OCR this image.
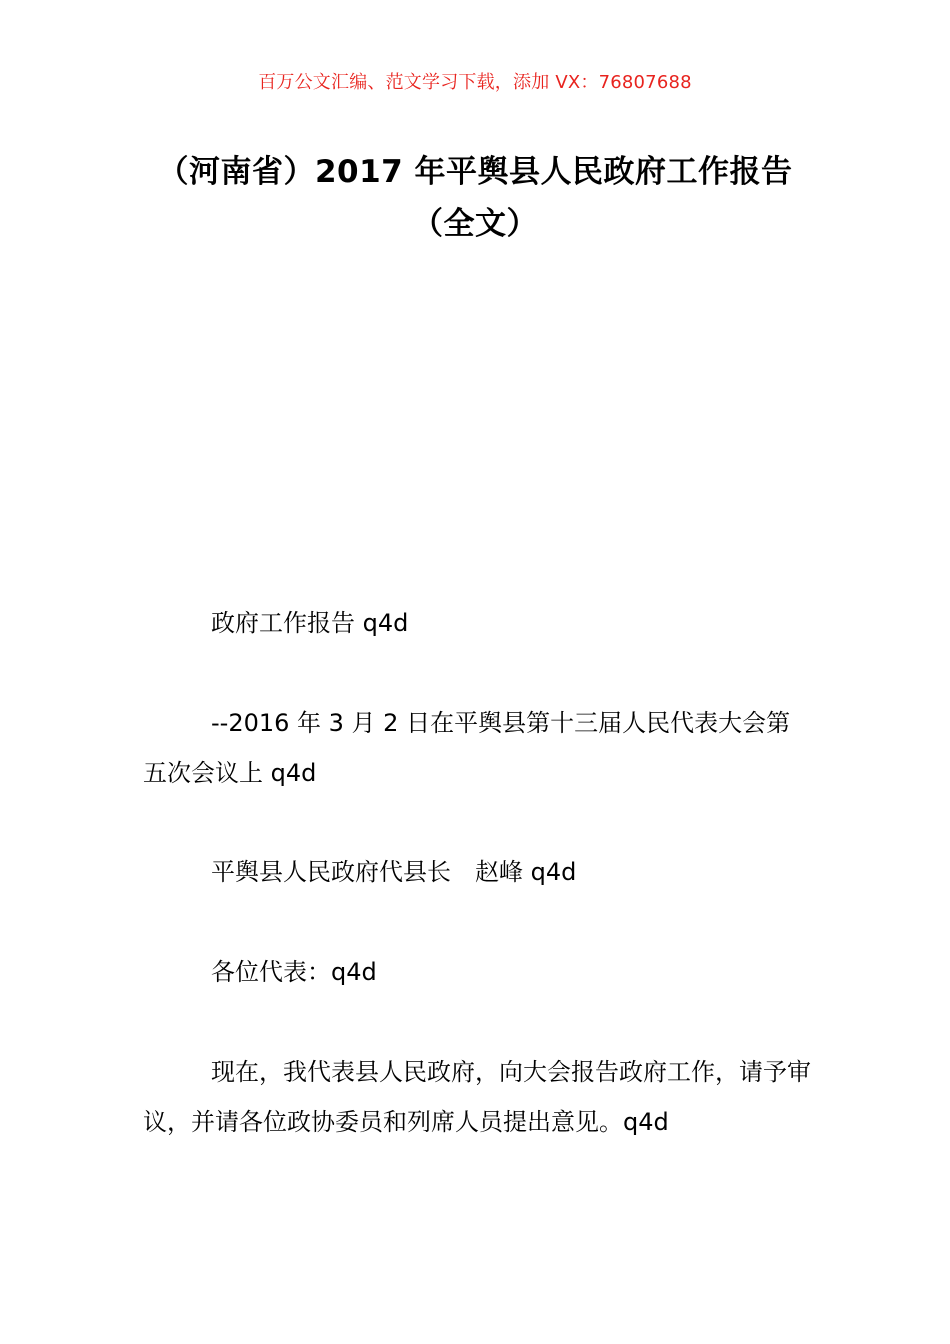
百万公文汇编、范文学习下载，添加 VX：76807688
（河南省）2017 年平舆县人民政府工作报告（全文）

政府工作报告 q4d

--2016 年 3 月 2 日在平舆县第十三届人民代表大会第五次会议上 q4d

平舆县人民政府代县长　赵峰 q4d

各位代表：q4d

现在，我代表县人民政府，向大会报告政府工作，请予审议，并请各位政协委员和列席人员提出意见。q4d
